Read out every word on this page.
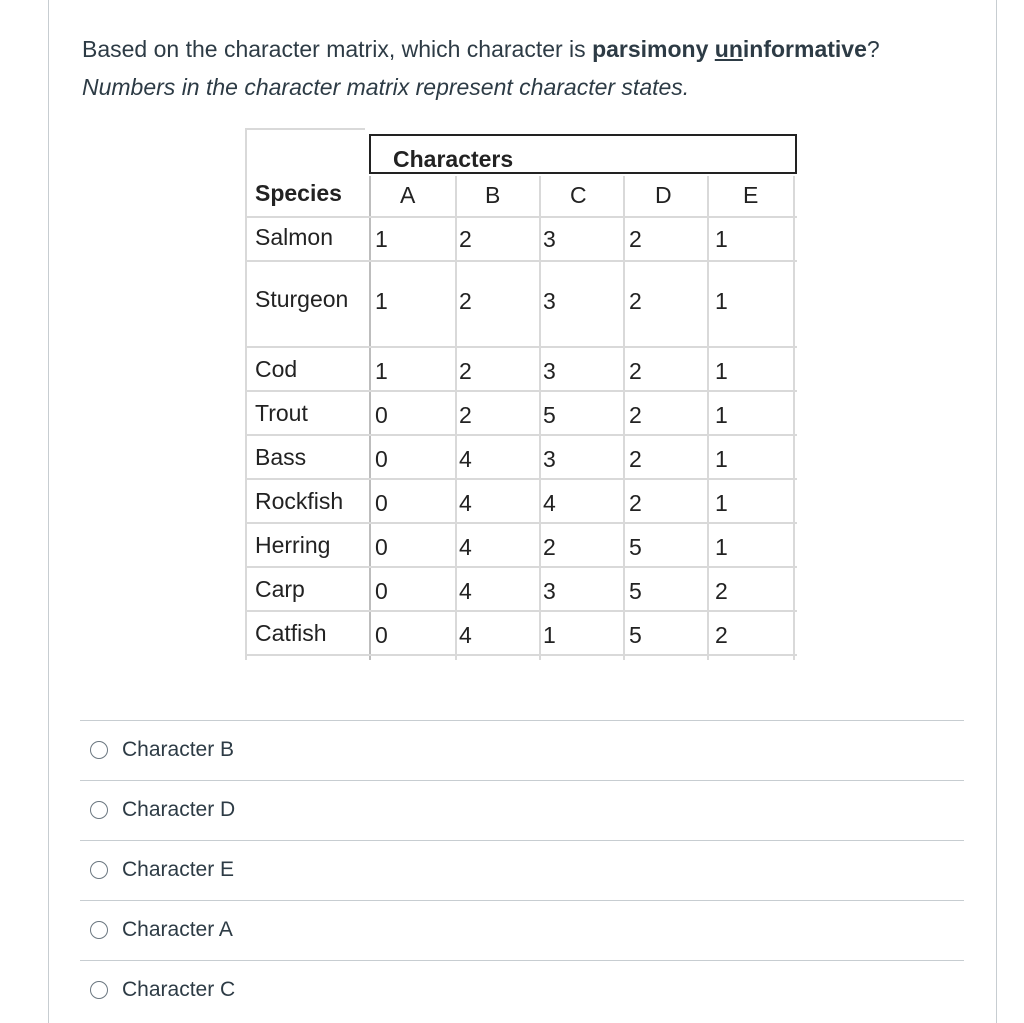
Based on the character matrix, which character is parsimony uninformative? Numbers in the character matrix represent character states.
Characters
Species	A	B	C	D	E
Salmon 1	2	3	2	1
Sturgeon 1	2	3	2	1
Cod	1	2	3	2	1
Trout	0	2	5	2	1
Bass	0	4	3	2	1
Rockfish 0	4	4	2	1
Herring 0	4	2	5	1
Carp	0	4	3	5	2
Catfish 0	4	1	5	2
Character B
Character D
Character E
Character A
Character C
